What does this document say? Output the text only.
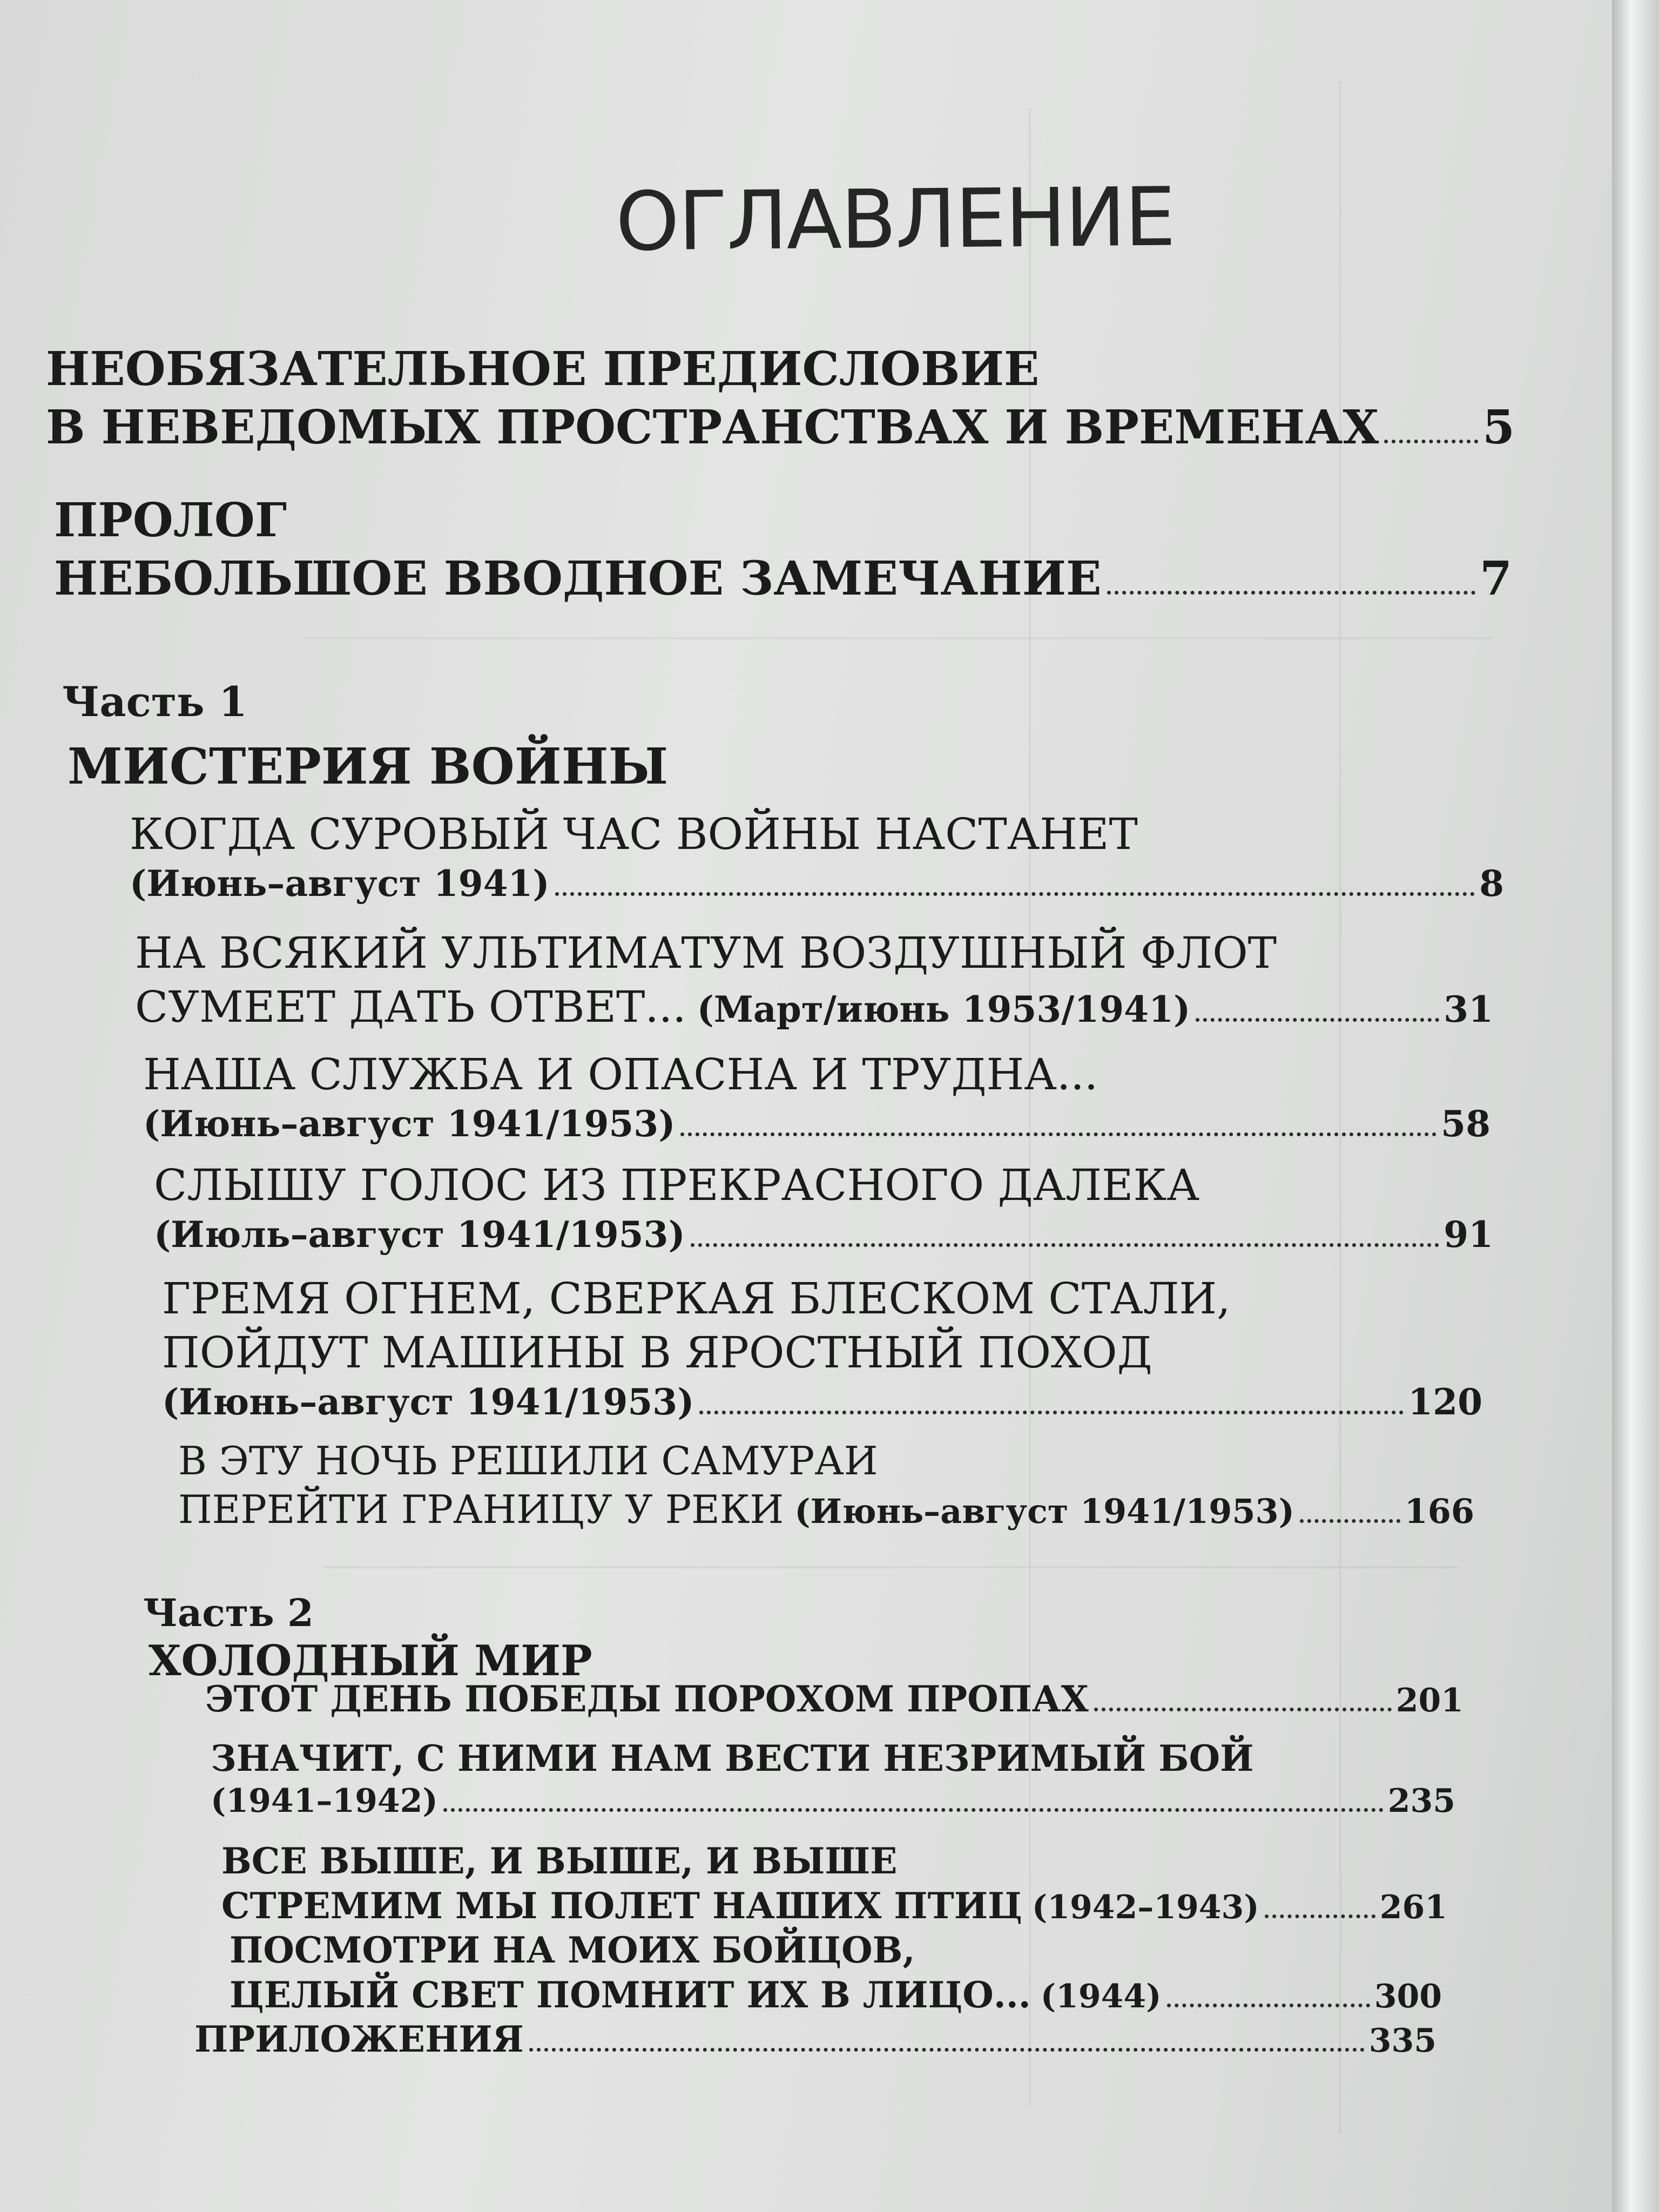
ОГЛАВЛЕНИЕ
НЕОБЯЗАТЕЛЬНОЕ ПРЕДИСЛОВИЕ
В НЕВЕДОМЫХ ПРОСТРАНСТВАХ И ВРЕМЕНАХ 5
ПРОЛОГ
НЕБОЛЬШОЕ ВВОДНОЕ ЗАМЕЧАНИЕ	7
Часть 1
МИСТЕРИЯ ВОЙНЫ
КОГДА СУРОВЫЙ ЧАС ВОЙНЫ НАСТАНЕТ
(Июнь–август 1941)	8
НА ВСЯКИЙ УЛЬТИМАТУМ ВОЗДУШНЫЙ ФЛОТ
СУМЕЕТ ДАТЬ ОТВЕТ... (Март/июнь 1953/1941)	31
НАША СЛУЖБА И ОПАСНА И ТРУДНА...
(Июнь–август 1941/1953)	58
СЛЫШУ ГОЛОС ИЗ ПРЕКРАСНОГО ДАЛЕКА
(Июль–август 1941/1953)	91
ГРЕМЯ ОГНЕМ, СВЕРКАЯ БЛЕСКОМ СТАЛИ,
ПОЙДУТ МАШИНЫ В ЯРОСТНЫЙ ПОХОД
(Июнь–август 1941/1953)	120
В ЭТУ НОЧЬ РЕШИЛИ САМУРАИ
ПЕРЕЙТИ ГРАНИЦУ У РЕКИ (Июнь–август 1941/1953)	166
Часть 2
ХОЛОДНЫЙ МИР
ЭТОТ ДЕНЬ ПОБЕДЫ ПОРОХОМ ПРОПАХ	201
ЗНАЧИТ, С НИМИ НАМ ВЕСТИ НЕЗРИМЫЙ БОЙ
(1941–1942)	235
ВСЕ ВЫШЕ, И ВЫШЕ, И ВЫШЕ
СТРЕМИМ МЫ ПОЛЕТ НАШИХ ПТИЦ (1942–1943)	261
ПОСМОТРИ НА МОИХ БОЙЦОВ,
ЦЕЛЫЙ СВЕТ ПОМНИТ ИХ В ЛИЦО... (1944)	300
ПРИЛОЖЕНИЯ	335
